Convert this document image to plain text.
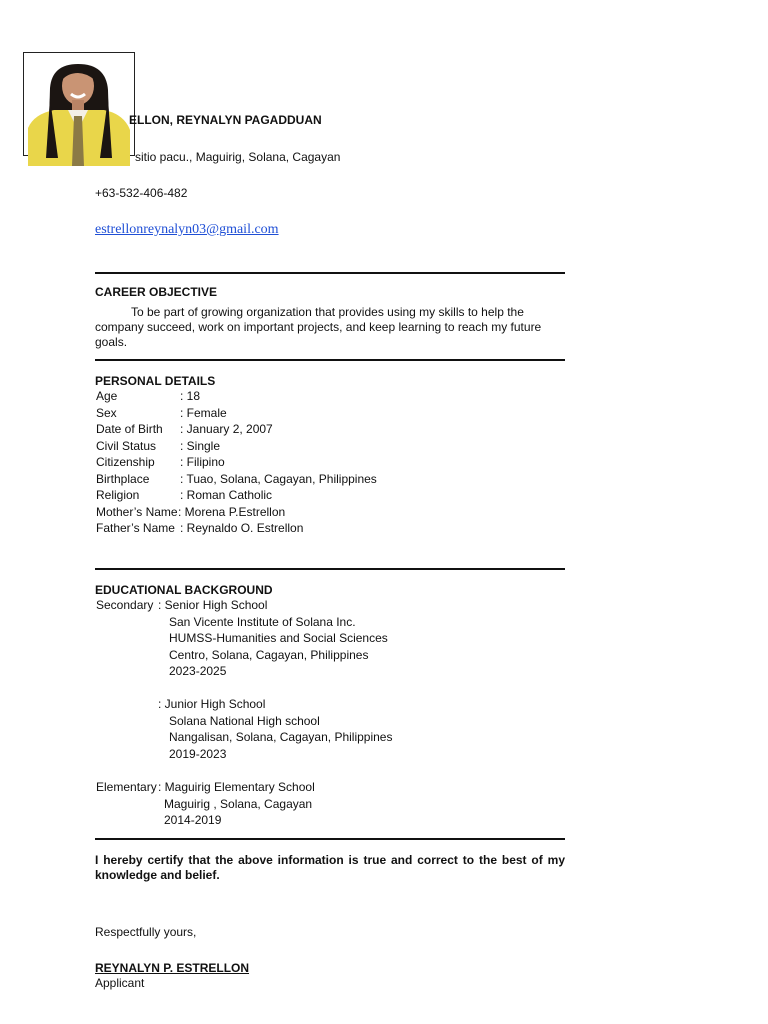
ELLON, REYNALYN PAGADDUAN
sitio pacu., Maguirig, Solana, Cagayan
+63-532-406-482
estrellonreynalyn03@gmail.com
CAREER OBJECTIVE
To be part of growing organization that provides using my skills to help the company succeed, work on important projects, and keep learning to reach my future goals.
PERSONAL DETAILS
Age	: 18
Sex	: Female
Date of Birth : January 2, 2007
Civil Status : Single
Citizenship : Filipino
Birthplace	: Tuao, Solana, Cagayan, Philippines
Religion	: Roman Catholic
Mother’s Name : Morena P.Estrellon
Father’s Name : Reynaldo O. Estrellon
EDUCATIONAL BACKGROUND
Secondary : Senior High School
San Vicente Institute of Solana Inc.
HUMSS-Humanities and Social Sciences
Centro, Solana, Cagayan, Philippines
2023-2025
: Junior High School
Solana National High school
Nangalisan, Solana, Cagayan, Philippines
2019-2023
Elementary : Maguirig Elementary School
Maguirig , Solana, Cagayan
2014-2019
I hereby certify that the above information is true and correct to the best of my knowledge and belief.
Respectfully yours,
REYNALYN P. ESTRELLON
Applicant
